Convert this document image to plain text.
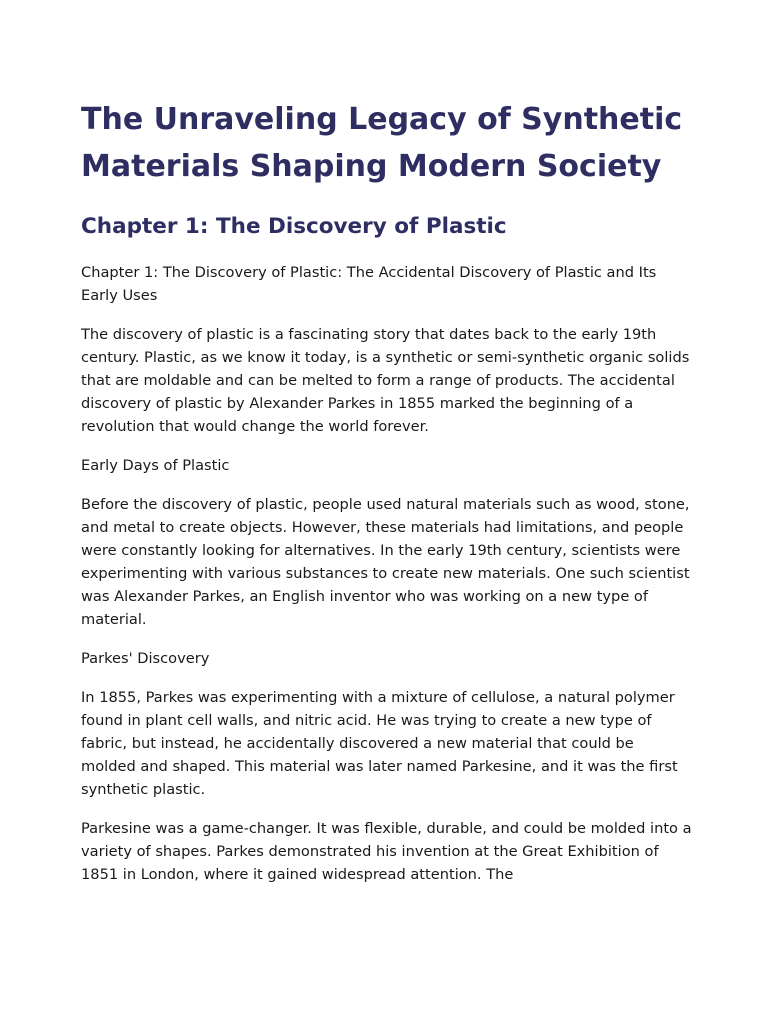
The Unraveling Legacy of Synthetic Materials Shaping Modern Society
Chapter 1: The Discovery of Plastic

Chapter 1: The Discovery of Plastic: The Accidental Discovery of Plastic and Its Early Uses

The discovery of plastic is a fascinating story that dates back to the early 19th century. Plastic, as we know it today, is a synthetic or semi-synthetic organic solids that are moldable and can be melted to form a range of products. The accidental discovery of plastic by Alexander Parkes in 1855 marked the beginning of a revolution that would change the world forever.

Early Days of Plastic

Before the discovery of plastic, people used natural materials such as wood, stone, and metal to create objects. However, these materials had limitations, and people were constantly looking for alternatives. In the early 19th century, scientists were experimenting with various substances to create new materials. One such scientist was Alexander Parkes, an English inventor who was working on a new type of material.

Parkes' Discovery

In 1855, Parkes was experimenting with a mixture of cellulose, a natural polymer found in plant cell walls, and nitric acid. He was trying to create a new type of fabric, but instead, he accidentally discovered a new material that could be molded and shaped. This material was later named Parkesine, and it was the first synthetic plastic.

Parkesine was a game-changer. It was flexible, durable, and could be molded into a variety of shapes. Parkes demonstrated his invention at the Great Exhibition of 1851 in London, where it gained widespread attention. The
